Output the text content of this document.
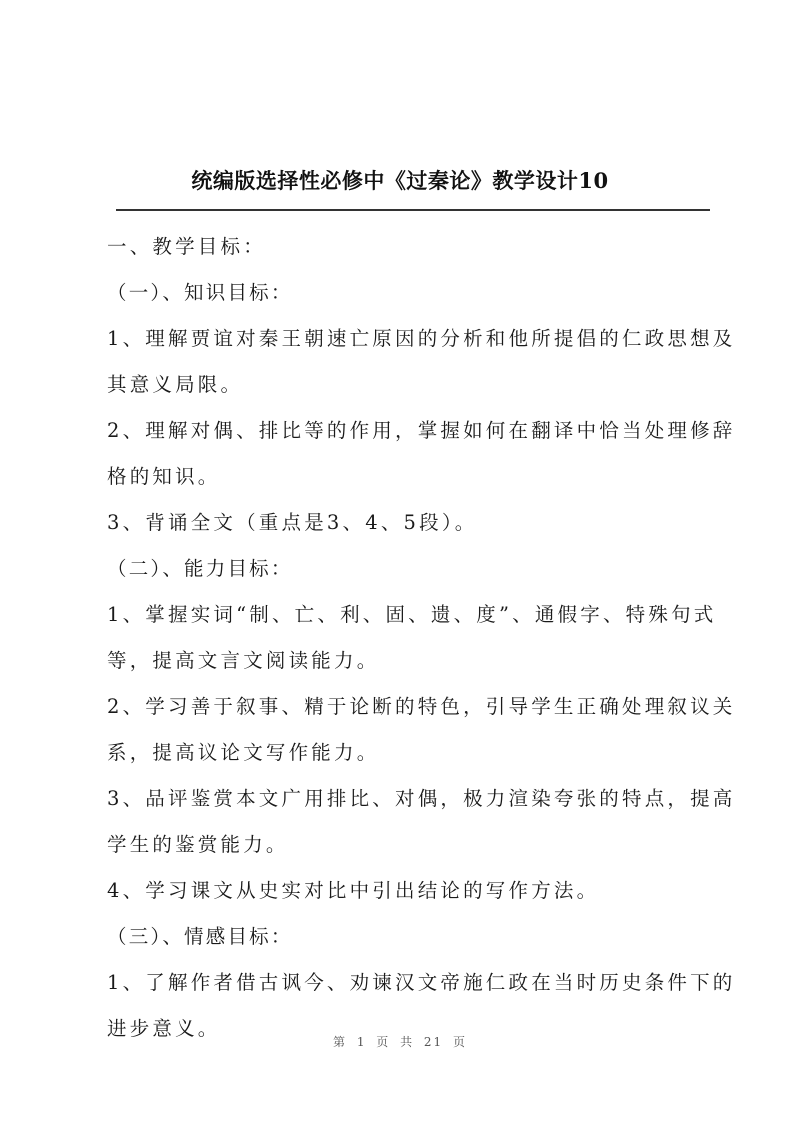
统编版选择性必修中《过秦论》教学设计10

一、教学目标：

（一）、知识目标：

1、理解贾谊对秦王朝速亡原因的分析和他所提倡的仁政思想及

其意义局限。

2、理解对偶、排比等的作用，掌握如何在翻译中恰当处理修辞

格的知识。

3、背诵全文（重点是3、4、5段）。

（二）、能力目标：

1、掌握实词“制、亡、利、固、遗、度”、通假字、特殊句式

等，提高文言文阅读能力。

2、学习善于叙事、精于论断的特色，引导学生正确处理叙议关

系，提高议论文写作能力。

3、品评鉴赏本文广用排比、对偶，极力渲染夸张的特点，提高

学生的鉴赏能力。

4、学习课文从史实对比中引出结论的写作方法。

（三）、情感目标：

1、了解作者借古讽今、劝谏汉文帝施仁政在当时历史条件下的

进步意义。

第 1 页 共 21 页
